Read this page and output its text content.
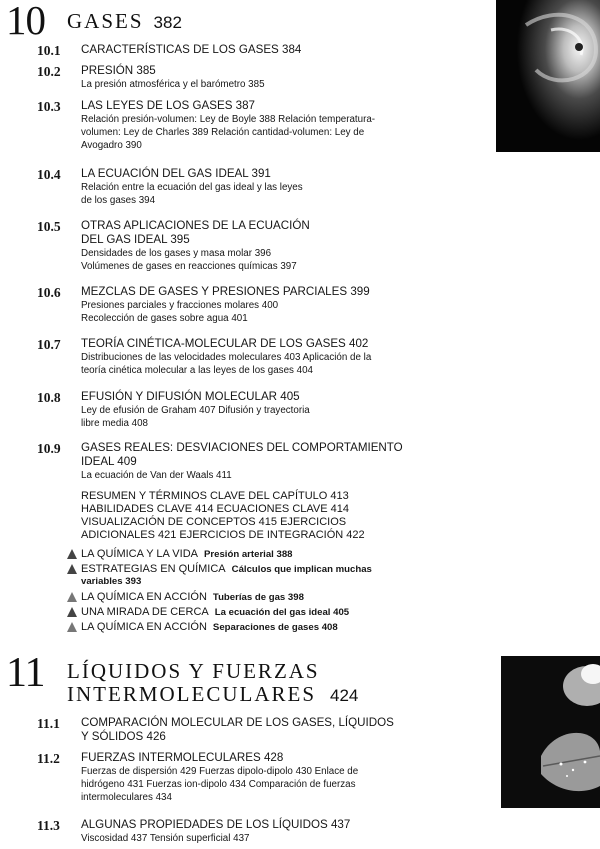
10 GASES 382
10.1	CARACTERÍSTICAS DE LOS GASES 384
10.2	PRESIÓN 385
La presión atmosférica y el barómetro 385
10.3	LAS LEYES DE LOS GASES 387
Relación presión-volumen: Ley de Boyle 388 Relación temperatura-
volumen: Ley de Charles 389 Relación cantidad-volumen: Ley de
Avogadro 390
10.4	LA ECUACIÓN DEL GAS IDEAL 391
Relación entre la ecuación del gas ideal y las leyes
de los gases 394
10.5	OTRAS APLICACIONES DE LA ECUACIÓN
DEL GAS IDEAL 395
Densidades de los gases y masa molar 396
Volúmenes de gases en reacciones químicas 397
10.6	MEZCLAS DE GASES Y PRESIONES PARCIALES 399
Presiones parciales y fracciones molares 400
Recolección de gases sobre agua 401
10.7	TEORÍA CINÉTICA-MOLECULAR DE LOS GASES 402
Distribuciones de las velocidades moleculares 403 Aplicación de la
teoría cinética molecular a las leyes de los gases 404
10.8	EFUSIÓN Y DIFUSIÓN MOLECULAR 405
Ley de efusión de Graham 407 Difusión y trayectoria
libre media 408
10.9	GASES REALES: DESVIACIONES DEL COMPORTAMIENTO
IDEAL 409
La ecuación de Van der Waals 411
RESUMEN Y TÉRMINOS CLAVE DEL CAPÍTULO 413
HABILIDADES CLAVE 414 ECUACIONES CLAVE 414
VISUALIZACIÓN DE CONCEPTOS 415 EJERCICIOS
ADICIONALES 421 EJERCICIOS DE INTEGRACIÓN 422
LA QUÍMICA Y LA VIDA Presión arterial 388
ESTRATEGIAS EN QUÍMICA Cálculos que implican muchas
variables 393
LA QUÍMICA EN ACCIÓN Tuberías de gas 398
UNA MIRADA DE CERCA La ecuación del gas ideal 405
LA QUÍMICA EN ACCIÓN Separaciones de gases 408
11 LÍQUIDOS Y FUERZAS
INTERMOLECULARES 424
11.1	COMPARACIÓN MOLECULAR DE LOS GASES, LÍQUIDOS
Y SÓLIDOS 426
11.2	FUERZAS INTERMOLECULARES 428
Fuerzas de dispersión 429 Fuerzas dipolo-dipolo 430 Enlace de
hidrógeno 431 Fuerzas ion-dipolo 434 Comparación de fuerzas
intermoleculares 434
11.3	ALGUNAS PROPIEDADES DE LOS LÍQUIDOS 437
Viscosidad 437 Tensión superficial 437
